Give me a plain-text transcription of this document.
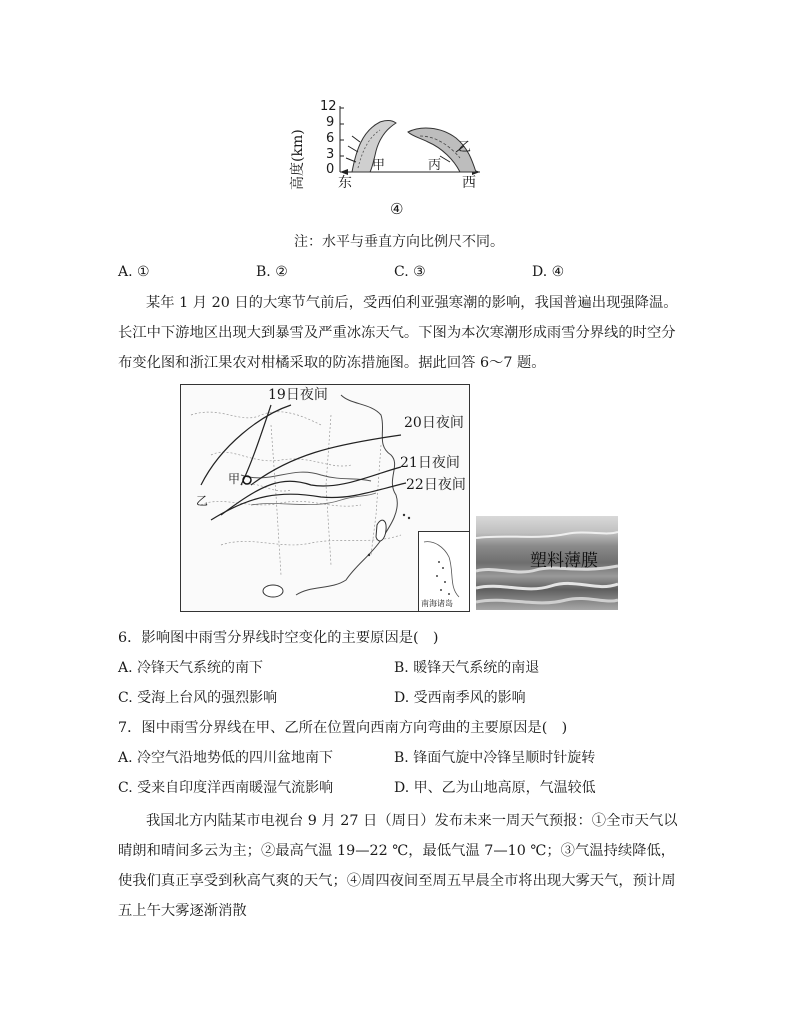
高度(km)
12
9
6
3
0	甲	丙
乙
东	西
④
注：水平与垂直方向比例尺不同。
A. ①	B. ②	C. ③	D. ④
某年 1 月 20 日的大寒节气前后，受西伯利亚强寒潮的影响，我国普遍出现强降温。长江中下游地区出现大到暴雪及严重冰冻天气。下图为本次寒潮形成雨雪分界线的时空分布变化图和浙江果农对柑橘采取的防冻措施图。据此回答 6～7 题。
南海诸岛
19日夜间
20日夜间
21日夜间
22日夜间
甲
乙
塑料薄膜
6．影响图中雨雪分界线时空变化的主要原因是(　)
A. 冷锋天气系统的南下	B. 暖锋天气系统的南退
C. 受海上台风的强烈影响	D. 受西南季风的影响
7．图中雨雪分界线在甲、乙所在位置向西南方向弯曲的主要原因是(　)
A. 冷空气沿地势低的四川盆地南下	B. 锋面气旋中冷锋呈顺时针旋转
C. 受来自印度洋西南暖湿气流影响	D. 甲、乙为山地高原，气温较低
我国北方内陆某市电视台 9 月 27 日（周日）发布未来一周天气预报：①全市天气以晴朗和晴间多云为主；②最高气温 19—22 ℃，最低气温 7—10 ℃；③气温持续降低，使我们真正享受到秋高气爽的天气；④周四夜间至周五早晨全市将出现大雾天气，预计周五上午大雾逐渐消散
